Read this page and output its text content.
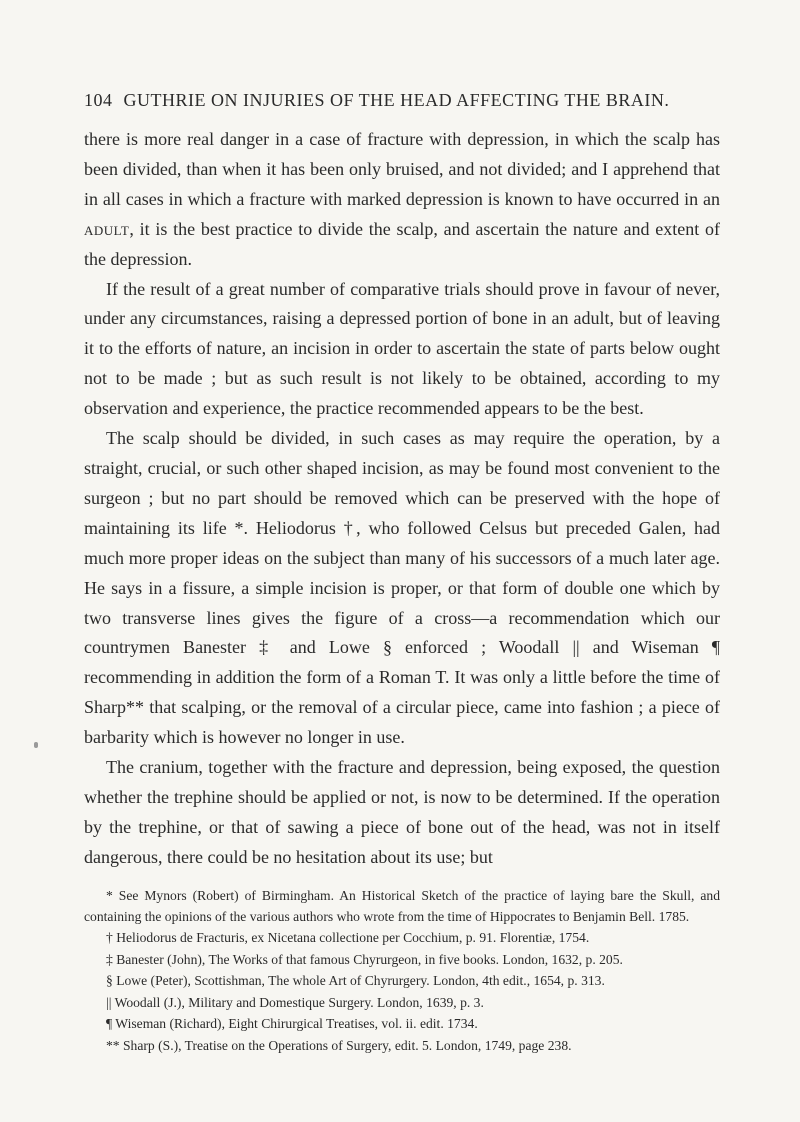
104 GUTHRIE ON INJURIES OF THE HEAD AFFECTING THE BRAIN.

there is more real danger in a case of fracture with depression, in which the scalp has been divided, than when it has been only bruised, and not divided; and I apprehend that in all cases in which a fracture with marked depression is known to have occurred in an adult, it is the best practice to divide the scalp, and ascertain the nature and extent of the depression.

If the result of a great number of comparative trials should prove in favour of never, under any circumstances, raising a depressed portion of bone in an adult, but of leaving it to the efforts of nature, an incision in order to ascertain the state of parts below ought not to be made ; but as such result is not likely to be obtained, according to my observation and experience, the practice recommended appears to be the best.

The scalp should be divided, in such cases as may require the operation, by a straight, crucial, or such other shaped incision, as may be found most convenient to the surgeon ; but no part should be removed which can be preserved with the hope of maintaining its life *. Heliodorus †, who followed Celsus but preceded Galen, had much more proper ideas on the subject than many of his successors of a much later age. He says in a fissure, a simple incision is proper, or that form of double one which by two transverse lines gives the figure of a cross—a recommendation which our countrymen Banester ‡ and Lowe § enforced ; Woodall || and Wiseman ¶ recommending in addition the form of a Roman T. It was only a little before the time of Sharp** that scalping, or the removal of a circular piece, came into fashion ; a piece of barbarity which is however no longer in use.

The cranium, together with the fracture and depression, being exposed, the question whether the trephine should be applied or not, is now to be determined. If the operation by the trephine, or that of sawing a piece of bone out of the head, was not in itself dangerous, there could be no hesitation about its use; but

* See Mynors (Robert) of Birmingham. An Historical Sketch of the practice of laying bare the Skull, and containing the opinions of the various authors who wrote from the time of Hippocrates to Benjamin Bell. 1785.

† Heliodorus de Fracturis, ex Nicetana collectione per Cocchium, p. 91. Florentiæ, 1754.

‡ Banester (John), The Works of that famous Chyrurgeon, in five books. London, 1632, p. 205.

§ Lowe (Peter), Scottishman, The whole Art of Chyrurgery. London, 4th edit., 1654, p. 313.

|| Woodall (J.), Military and Domestique Surgery. London, 1639, p. 3.

¶ Wiseman (Richard), Eight Chirurgical Treatises, vol. ii. edit. 1734.

** Sharp (S.), Treatise on the Operations of Surgery, edit. 5. London, 1749, page 238.
